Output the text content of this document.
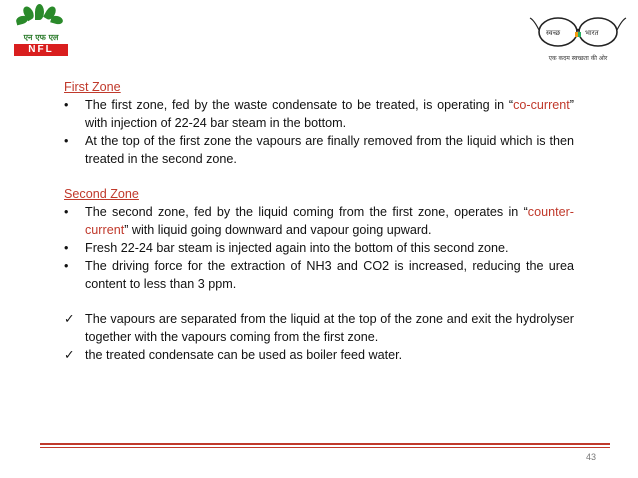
एन एफ एल
NFL
स्वच्छ	भारत
एक कदम स्वच्छता की ओर
First Zone
• The first zone, fed by the waste condensate to be treated, is operating in “co-current” with injection of 22-24 bar steam in the bottom.
• At the top of the first zone the vapours are finally removed from the liquid which is then treated in the second zone.
Second Zone
• The second zone, fed by the liquid coming from the first zone, operates in “counter-current” with liquid going downward and vapour going upward.
• Fresh 22-24 bar steam is injected again into the bottom of this second zone.
• The driving force for the extraction of NH3 and CO2 is increased, reducing the urea content to less than 3 ppm.
✓ The vapours are separated from the liquid at the top of the zone and exit the hydrolyser together with the vapours coming from the first zone.
✓ the treated condensate can be used as boiler feed water.
43
